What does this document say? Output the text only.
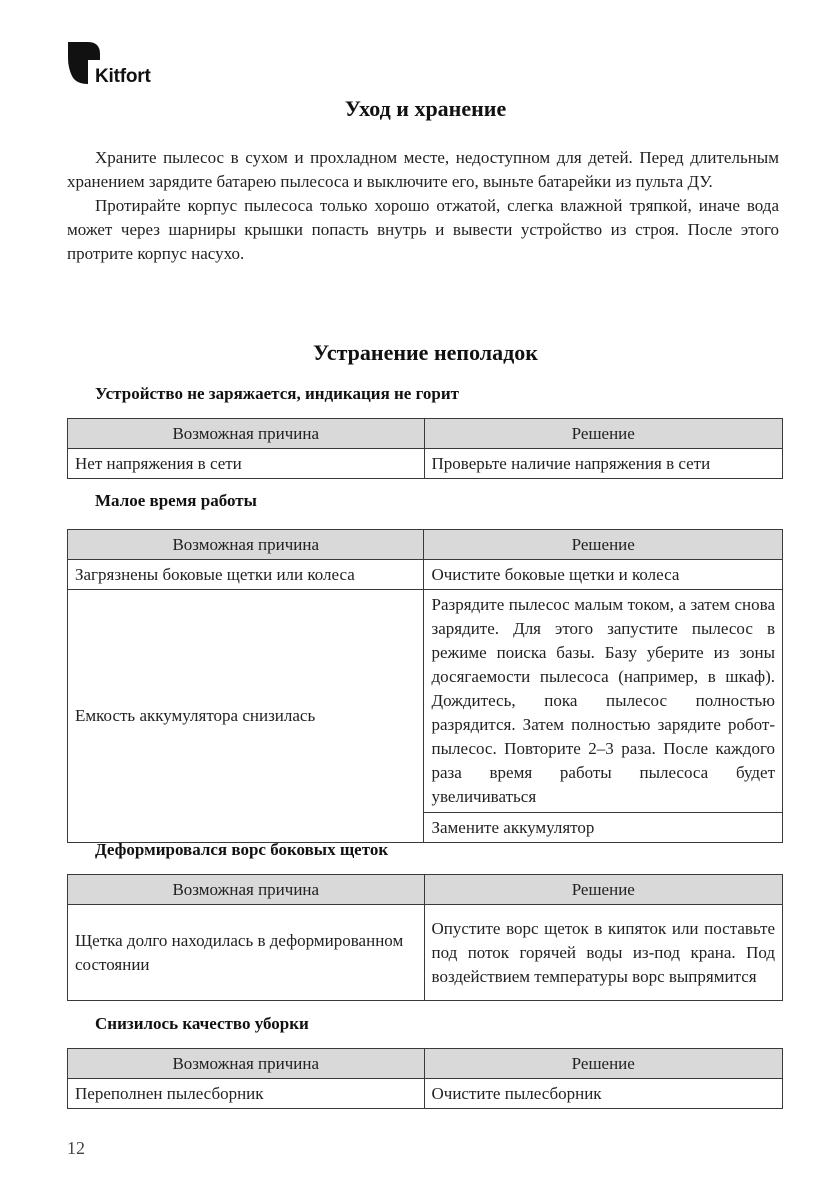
Kitfort
Уход и хранение

Храните пылесос в сухом и прохладном месте, недоступном для детей. Перед длительным хранением зарядите батарею пылесоса и выключите его, выньте батарейки из пульта ДУ.

Протирайте корпус пылесоса только хорошо отжатой, слегка влажной тряпкой, иначе вода может через шарниры крышки попасть внутрь и вывести устройство из строя. После этого протрите корпус насухо.

Устранение неполадок
Устройство не заряжается, индикация не горит
Возможная причина	Решение
Нет напряжения в сети	Проверьте наличие напряжения в сети
Малое время работы
Возможная причина	Решение
Загрязнены боковые щетки или колеса	Очистите боковые щетки и колеса
Емкость аккумулятора снизилась	Разрядите пылесос малым током, а затем снова зарядите. Для этого запустите пылесос в режиме поиска базы. Базу уберите из зоны досягаемости пылесоса (например, в шкаф). Дождитесь, пока пылесос полностью разрядится. Затем полностью зарядите робот-пылесос. Повторите 2–3 раза. После каждого раза время работы пылесоса будет увеличиваться
	Замените аккумулятор
Деформировался ворс боковых щеток
Возможная причина	Решение
Щетка долго находилась в деформированном состоянии	Опустите ворс щеток в кипяток или поставьте под поток горячей воды из-под крана. Под воздействием температуры ворс выпрямится
Снизилось качество уборки
Возможная причина	Решение
Переполнен пылесборник	Очистите пылесборник
12
